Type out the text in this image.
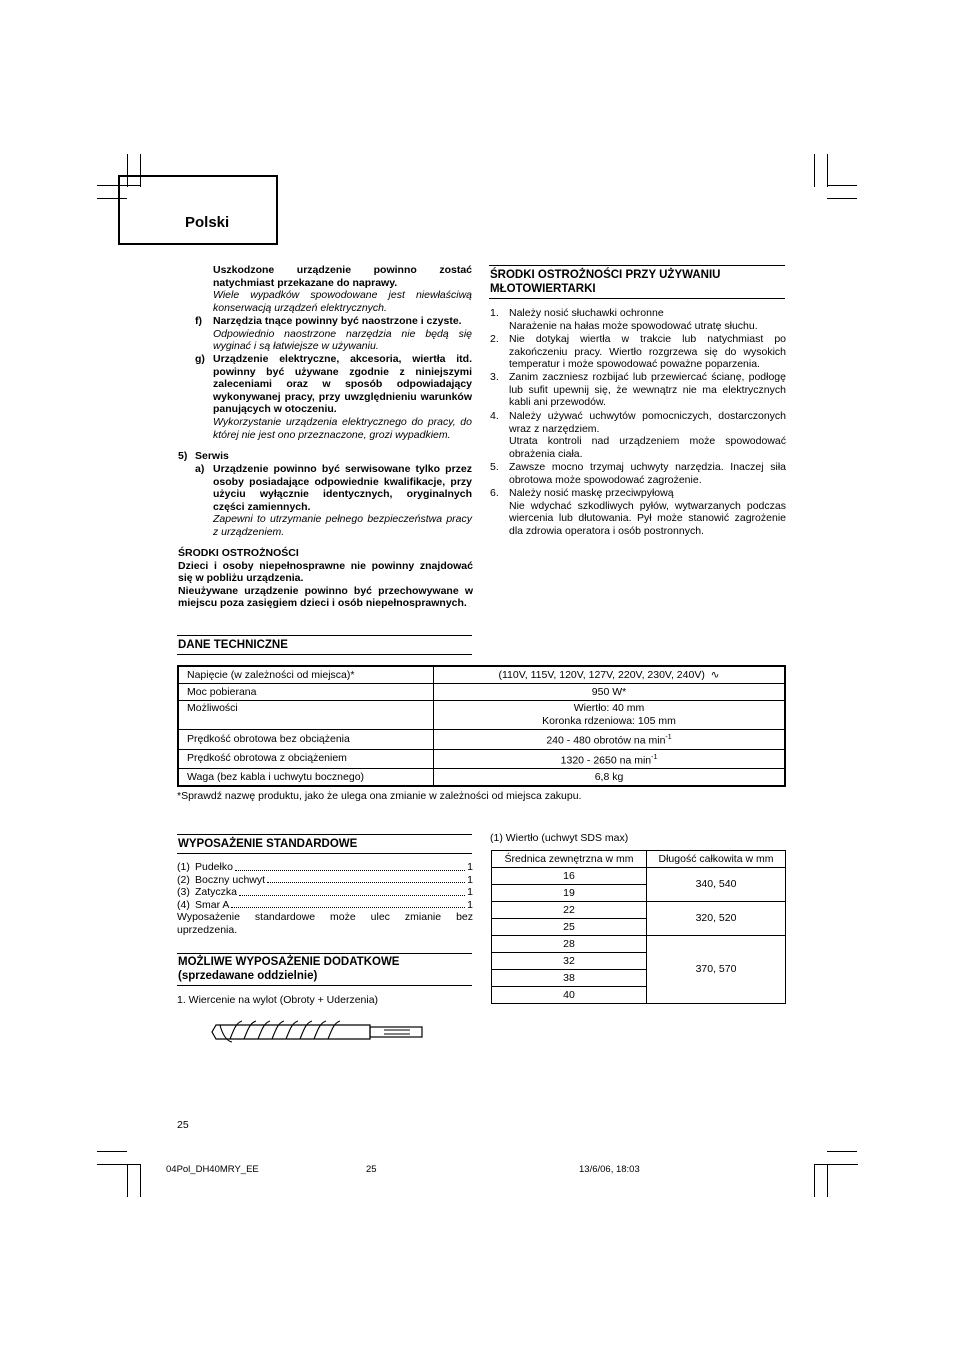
Polski
Uszkodzone urządzenie powinno zostać natychmiast przekazane do naprawy.
Wiele wypadków spowodowane jest niewłaściwą konserwacją urządzeń elektrycznych.
f) Narzędzia tnące powinny być naostrzone i czyste.
Odpowiednio naostrzone narzędzia nie będą się wyginać i są łatwiejsze w używaniu.
g) Urządzenie elektryczne, akcesoria, wiertła itd. powinny być używane zgodnie z niniejszymi zaleceniami oraz w sposób odpowiadający wykonywanej pracy, przy uwzględnieniu warunków panujących w otoczeniu.
Wykorzystanie urządzenia elektrycznego do pracy, do której nie jest ono przeznaczone, grozi wypadkiem.
5) Serwis
a) Urządzenie powinno być serwisowane tylko przez osoby posiadające odpowiednie kwalifikacje, przy użyciu wyłącznie identycznych, oryginalnych części zamiennych.
Zapewni to utrzymanie pełnego bezpieczeństwa pracy z urządzeniem.
ŚRODKI OSTROŻNOŚCI
Dzieci i osoby niepełnosprawne nie powinny znajdować się w pobliżu urządzenia.
Nieużywane urządzenie powinno być przechowywane w miejscu poza zasięgiem dzieci i osób niepełnosprawnych.
ŚRODKI OSTROŻNOŚCI PRZY UŻYWANIU MŁOTOWIERTARKI
1. Należy nosić słuchawki ochronne
Narażenie na hałas może spowodować utratę słuchu.
2. Nie dotykaj wiertła w trakcie lub natychmiast po zakończeniu pracy. Wiertło rozgrzewa się do wysokich temperatur i może spowodować poważne poparzenia.
3. Zanim zaczniesz rozbijać lub przewiercać ścianę, podłogę lub sufit upewnij się, że wewnątrz nie ma elektrycznych kabli ani przewodów.
4. Należy używać uchwytów pomocniczych, dostarczonych wraz z narzędziem.
Utrata kontroli nad urządzeniem może spowodować obrażenia ciała.
5. Zawsze mocno trzymaj uchwyty narzędzia. Inaczej siła obrotowa może spowodować zagrożenie.
6. Należy nosić maskę przeciwpyłową
Nie wdychać szkodliwych pyłów, wytwarzanych podczas wiercenia lub dłutowania. Pył może stanowić zagrożenie dla zdrowia operatora i osób postronnych.
DANE TECHNICZNE
Napięcie (w zależności od miejsca)*	(110V, 115V, 120V, 127V, 220V, 230V, 240V) ∿
Moc pobierana	950 W*
Możliwości	Wiertło: 40 mm
Koronka rdzeniowa: 105 mm

Prędkość obrotowa bez obciążenia	240 - 480 obrotów na $\min^{-1}$
Prędkość obrotowa z obciążeniem	1320 - 2650 na $\min^{-1}$
Waga (bez kabla i uchwytu bocznego)	6,8 kg
*Sprawdź nazwę produktu, jako że ulega ona zmianie w zależności od miejsca zakupu.
WYPOSAŻENIE STANDARDOWE
(1) Pudełko	1
(2) Boczny uchwyt	1
(3) Zatyczka	1
(4) Smar A	1
Wyposażenie standardowe może ulec zmianie bez uprzedzenia.
MOŻLIWE WYPOSAŻENIE DODATKOWE
(sprzedawane oddzielnie)
1. Wiercenie na wylot (Obroty + Uderzenia)
(1) Wiertło (uchwyt SDS max)
Średnica zewnętrzna w mm	Długość całkowita w mm
16	340, 540
19	
22	320, 520
25	
28	370, 570
32	
38	
40	
25
04Pol_DH40MRY_EE	25	13/6/06, 18:03
